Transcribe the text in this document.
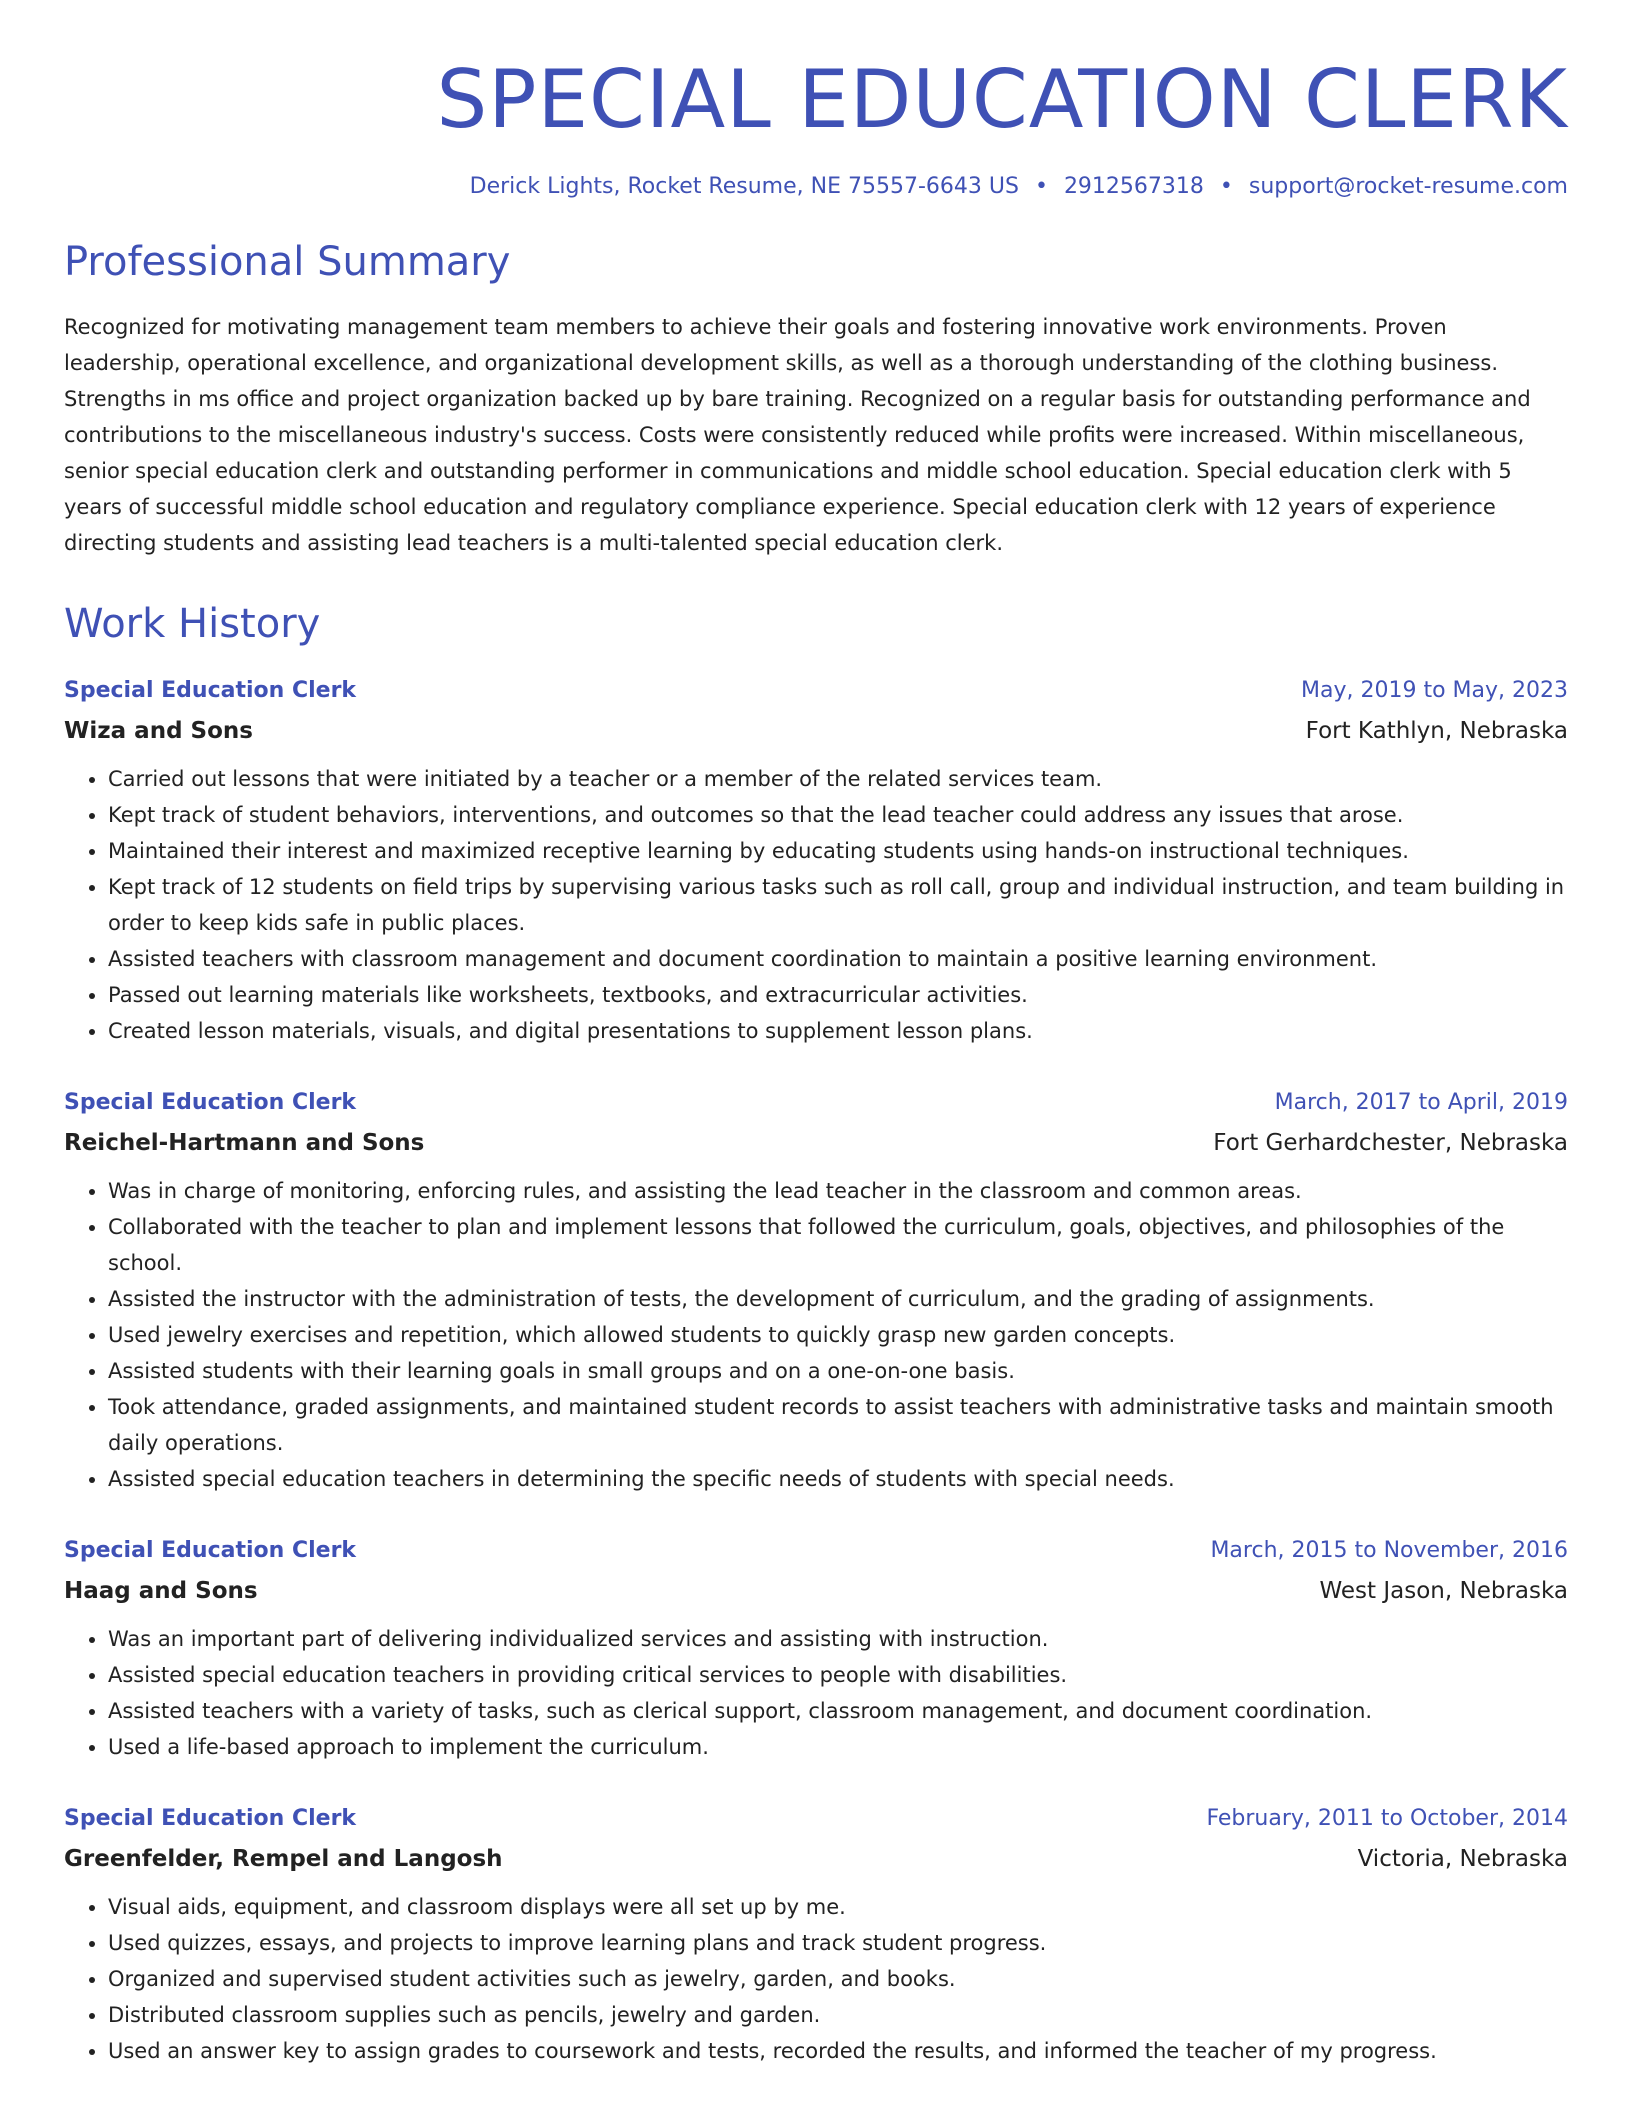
SPECIAL EDUCATION CLERK
Derick Lights, Rocket Resume, NE 75557-6643 US • 2912567318 • support@rocket-resume.com
Professional Summary

Recognized for motivating management team members to achieve their goals and fostering innovative work environments. Proven leadership, operational excellence, and organizational development skills, as well as a thorough understanding of the clothing business. Strengths in ms office and project organization backed up by bare training. Recognized on a regular basis for outstanding performance and contributions to the miscellaneous industry's success. Costs were consistently reduced while profits were increased. Within miscellaneous, senior special education clerk and outstanding performer in communications and middle school education. Special education clerk with 5 years of successful middle school education and regulatory compliance experience. Special education clerk with 12 years of experience directing students and assisting lead teachers is a multi-talented special education clerk.

Work History
Special Education Clerk	May, 2019 to May, 2023
Wiza and Sons	Fort Kathlyn, Nebraska
• Carried out lessons that were initiated by a teacher or a member of the related services team.
• Kept track of student behaviors, interventions, and outcomes so that the lead teacher could address any issues that arose.
• Maintained their interest and maximized receptive learning by educating students using hands-on instructional techniques.
• Kept track of 12 students on field trips by supervising various tasks such as roll call, group and individual instruction, and team building in order to keep kids safe in public places.
• Assisted teachers with classroom management and document coordination to maintain a positive learning environment.
• Passed out learning materials like worksheets, textbooks, and extracurricular activities.
• Created lesson materials, visuals, and digital presentations to supplement lesson plans.
Special Education Clerk	March, 2017 to April, 2019
Reichel-Hartmann and Sons	Fort Gerhardchester, Nebraska
• Was in charge of monitoring, enforcing rules, and assisting the lead teacher in the classroom and common areas.
• Collaborated with the teacher to plan and implement lessons that followed the curriculum, goals, objectives, and philosophies of the school.
• Assisted the instructor with the administration of tests, the development of curriculum, and the grading of assignments.
• Used jewelry exercises and repetition, which allowed students to quickly grasp new garden concepts.
• Assisted students with their learning goals in small groups and on a one-on-one basis.
• Took attendance, graded assignments, and maintained student records to assist teachers with administrative tasks and maintain smooth daily operations.
• Assisted special education teachers in determining the specific needs of students with special needs.
Special Education Clerk	March, 2015 to November, 2016
Haag and Sons	West Jason, Nebraska
• Was an important part of delivering individualized services and assisting with instruction.
• Assisted special education teachers in providing critical services to people with disabilities.
• Assisted teachers with a variety of tasks, such as clerical support, classroom management, and document coordination.
• Used a life-based approach to implement the curriculum.
Special Education Clerk	February, 2011 to October, 2014
Greenfelder, Rempel and Langosh	Victoria, Nebraska
• Visual aids, equipment, and classroom displays were all set up by me.
• Used quizzes, essays, and projects to improve learning plans and track student progress.
• Organized and supervised student activities such as jewelry, garden, and books.
• Distributed classroom supplies such as pencils, jewelry and garden.
• Used an answer key to assign grades to coursework and tests, recorded the results, and informed the teacher of my progress.
